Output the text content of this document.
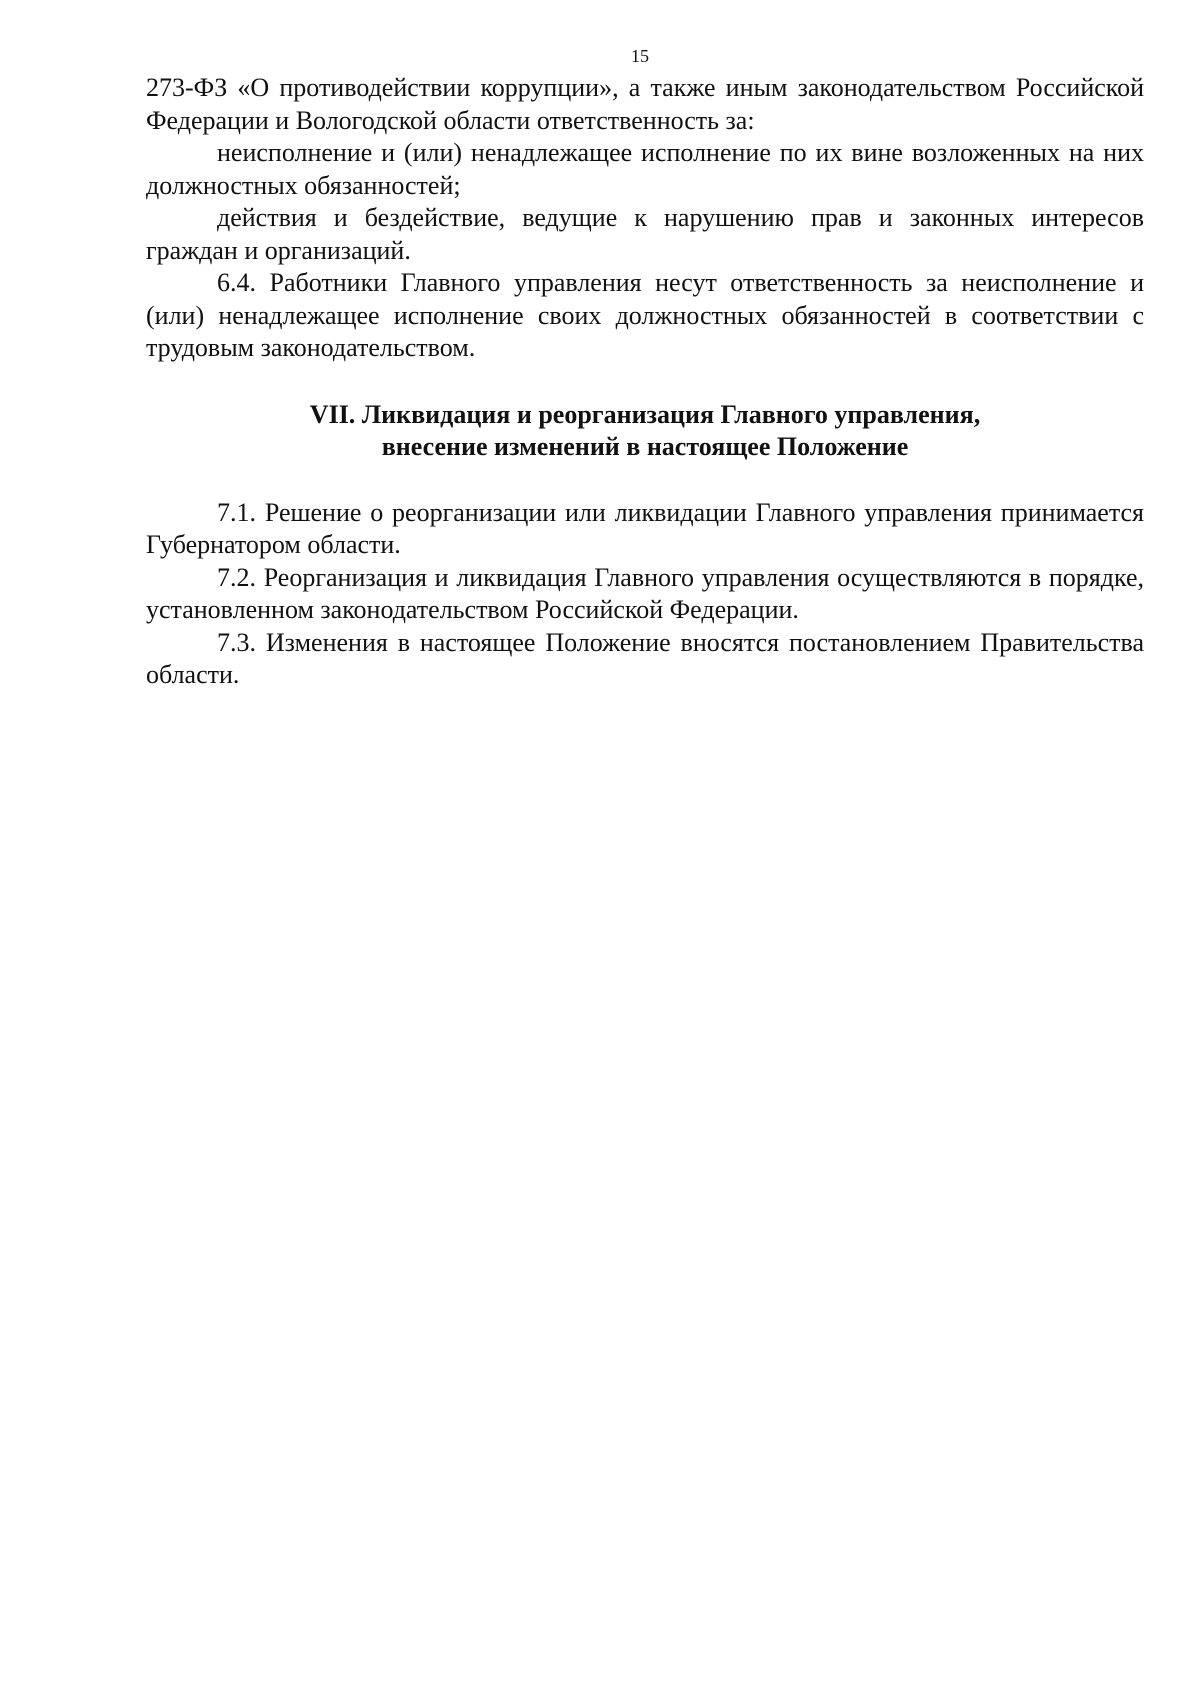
15

273-ФЗ «О противодействии коррупции», а также иным законодательством Российской Федерации и Вологодской области ответственность за:

неисполнение и (или) ненадлежащее исполнение по их вине возложенных на них должностных обязанностей;

действия и бездействие, ведущие к нарушению прав и законных интересов граждан и организаций.

6.4. Работники Главного управления несут ответственность за неисполнение и (или) ненадлежащее исполнение своих должностных обязанностей в соответствии с трудовым законодательством.

VII. Ликвидация и реорганизация Главного управления,
внесение изменений в настоящее Положение

7.1. Решение о реорганизации или ликвидации Главного управления принимается Губернатором области.

7.2. Реорганизация и ликвидация Главного управления осуществляются в порядке, установленном законодательством Российской Федерации.

7.3. Изменения в настоящее Положение вносятся постановлением Правительства области.
